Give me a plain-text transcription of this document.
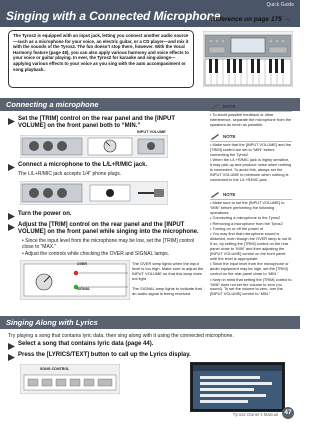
Quick Guide
Singing with a Connected Microphone
Reference on page 175 →
The Tyros2 is equipped with an input jack, letting you connect another audio source—such as a microphone for your voice, an electric guitar, or a CD player—and mix it with the sounds of the Tyros2. The fun doesn’t stop there, however. With the Vocal Harmony feature (page 48), you can also apply various harmony and voice effects to your voice or guitar playing. In ever, the Tyros2 for karaoke and sing-alongs—applying various effects to your voice as you sing with the auto accompaniment or song playback.
Connecting a microphone
Set the [TRIM] control on the rear panel and the [INPUT VOLUME] on the front panel both to “MIN.”
INPUT VOLUME
Connect a microphone to the L/L+R/MIC jack.
The L/L+R/MIC jack accepts 1/4" phone plugs.
Turn the power on.
Adjust the [TRIM] control on the rear panel and the [INPUT VOLUME] on the front panel while singing into the microphone.
• Since the input level from the microphone may be low, set the [TRIM] control close to “MAX.”
• Adjust the controls while checking the OVER and SIGNAL lamps.
OVER
SIGNAL
The OVER lamp lights when the input level is too high. Make sure to adjust the INPUT VOLUME so that this lamp does not light.
The SIGNAL lamp lights to indicate that an audio signal is being received.
NOTE
• To avoid possible feedback or other interference, separate the microphone from the speakers as much as possible.
NOTE
• Make sure that the [INPUT VOLUME] and the [TRIM] control are set to “MIN” before connecting the Tyros2.
• When the L/L+R/MIC jack is highly sensitive, it may pick up and produce noise when nothing is connected. To avoid this, always set the INPUT VOLUME to minimum when nothing is connected to the L/L+R/MIC jack.
NOTE
• Make sure to set the [INPUT VOLUME] to “MIN” before performing the following operations:
• Connecting a microphone to the Tyros2
• Removing a microphone from the Tyros2
• Turning on or off the power of
• You may find that microphone sound is distorted, even though the OVER lamp is not lit. If so, try setting the [TRIM] control on the rear panel close to “MIN” and then adjusting the [INPUT VOLUME] control on the front panel until the level is appropriate.
• Since the input level from the microphone or audio equipment may be high, set the [TRIM] control on the rear panel close to “MIN.”
• Keep in mind that setting the [TRIM] control to “MIN” does not set the volume to zero (no sound). To set the volume to zero, turn the [INPUT VOLUME] control to “MIN.”
Singing Along with Lyrics
Try playing a song that contains lyric data, then sing along with it using the connected microphone.
Select a song that contains lyric data (page 44).
Press the [LYRICS/TEXT] button to call up the Lyrics display.
SONG CONTROL
Tyros2 Owner’s Manual 47
